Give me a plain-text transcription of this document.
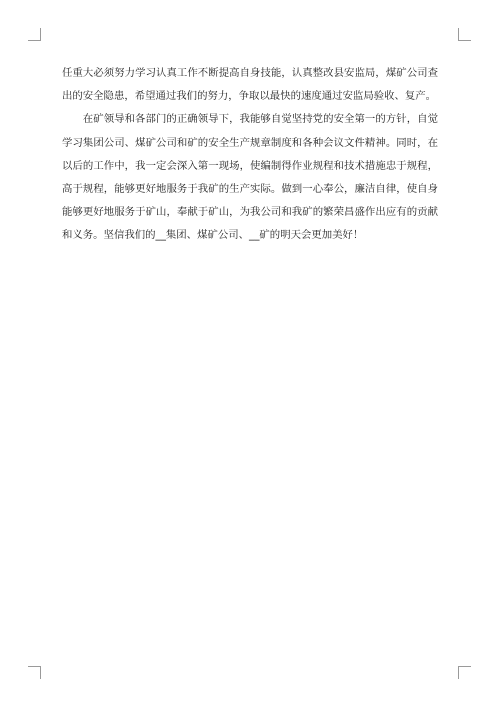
任重大必须努力学习认真工作不断提高自身技能，认真整改县安监局，煤矿公司查出的安全隐患，希望通过我们的努力，争取以最快的速度通过安监局验收、复产。

在矿领导和各部门的正确领导下，我能够自觉坚持党的安全第一的方针，自觉学习集团公司、煤矿公司和矿的安全生产规章制度和各种会议文件精神。同时，在以后的工作中，我一定会深入第一现场，使编制得作业规程和技术措施忠于规程，高于规程，能够更好地服务于我矿的生产实际。做到一心奉公，廉洁自律，使自身能够更好地服务于矿山，奉献于矿山，为我公司和我矿的繁荣昌盛作出应有的贡献和义务。坚信我们的__集团、煤矿公司、__矿的明天会更加美好！
